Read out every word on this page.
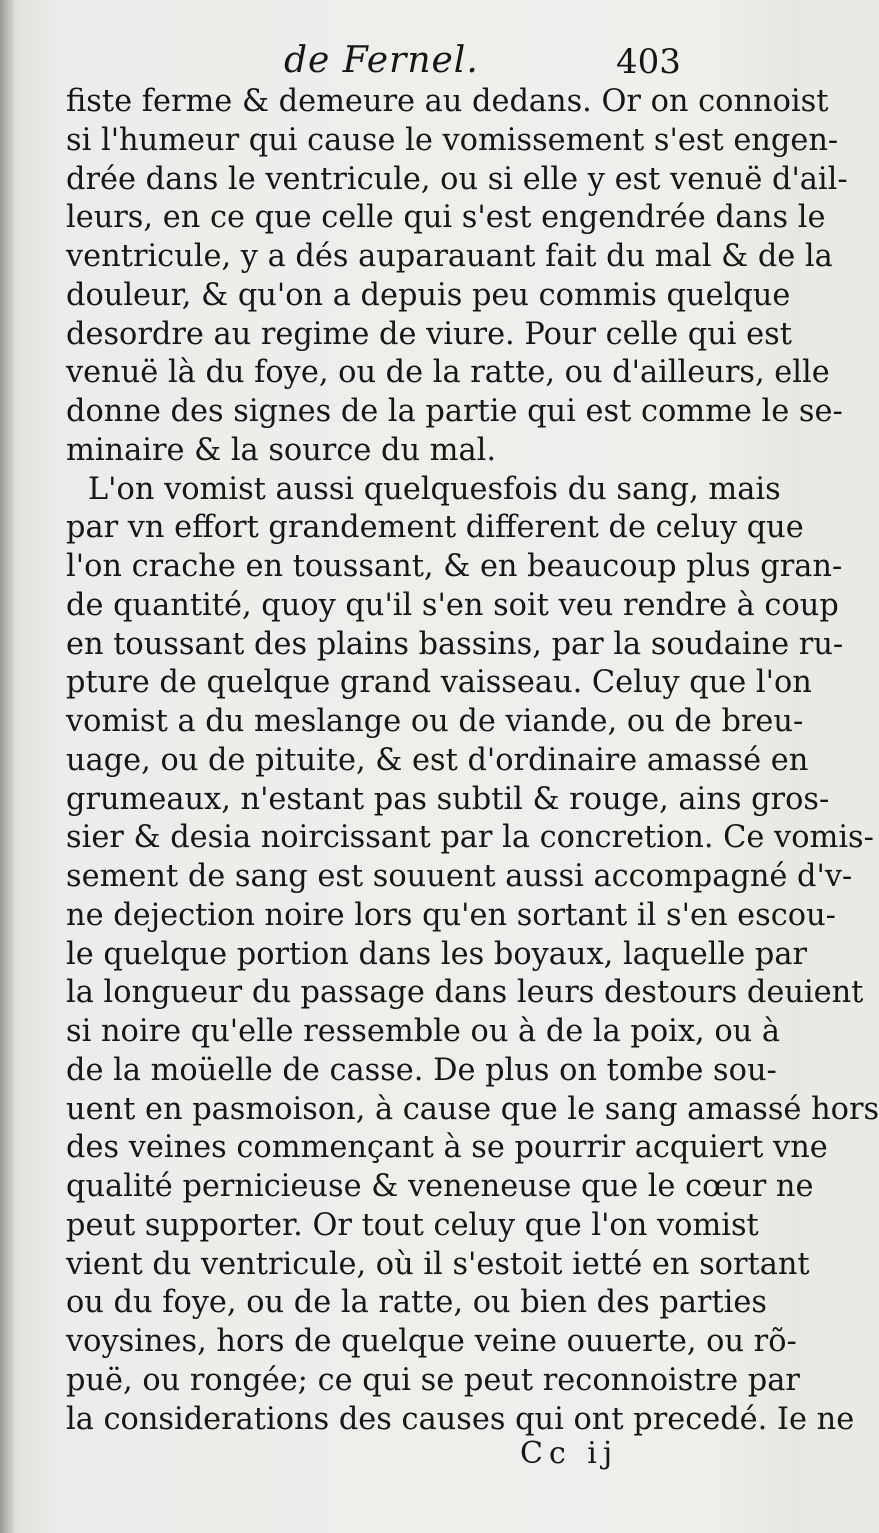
de Fernel.	403
fiste ferme & demeure au dedans. Or on connoist
si l'humeur qui cause le vomissement s'est engen-
drée dans le ventricule, ou si elle y est venuë d'ail-
leurs, en ce que celle qui s'est engendrée dans le
ventricule, y a dés auparauant fait du mal & de la
douleur, & qu'on a depuis peu commis quelque
desordre au regime de viure. Pour celle qui est
venuë là du foye, ou de la ratte, ou d'ailleurs, elle
donne des signes de la partie qui est comme le se-
minaire & la source du mal.
L'on vomist aussi quelquesfois du sang, mais
par vn effort grandement different de celuy que
l'on crache en toussant, & en beaucoup plus gran-
de quantité, quoy qu'il s'en soit veu rendre à coup
en toussant des plains bassins, par la soudaine ru-
pture de quelque grand vaisseau. Celuy que l'on
vomist a du meslange ou de viande, ou de breu-
uage, ou de pituite, & est d'ordinaire amassé en
grumeaux, n'estant pas subtil & rouge, ains gros-
sier & desia noircissant par la concretion. Ce vomis-
sement de sang est souuent aussi accompagné d'v-
ne dejection noire lors qu'en sortant il s'en escou-
le quelque portion dans les boyaux, laquelle par
la longueur du passage dans leurs destours deuient
si noire qu'elle ressemble ou à de la poix, ou à
de la moüelle de casse. De plus on tombe sou-
uent en pasmoison, à cause que le sang amassé hors
des veines commençant à se pourrir acquiert vne
qualité pernicieuse & veneneuse que le cœur ne
peut supporter. Or tout celuy que l'on vomist
vient du ventricule, où il s'estoit ietté en sortant
ou du foye, ou de la ratte, ou bien des parties
voysines, hors de quelque veine ouuerte, ou rõ-
puë, ou rongée; ce qui se peut reconnoistre par
la considerations des causes qui ont precedé. Ie ne
Cc ij
